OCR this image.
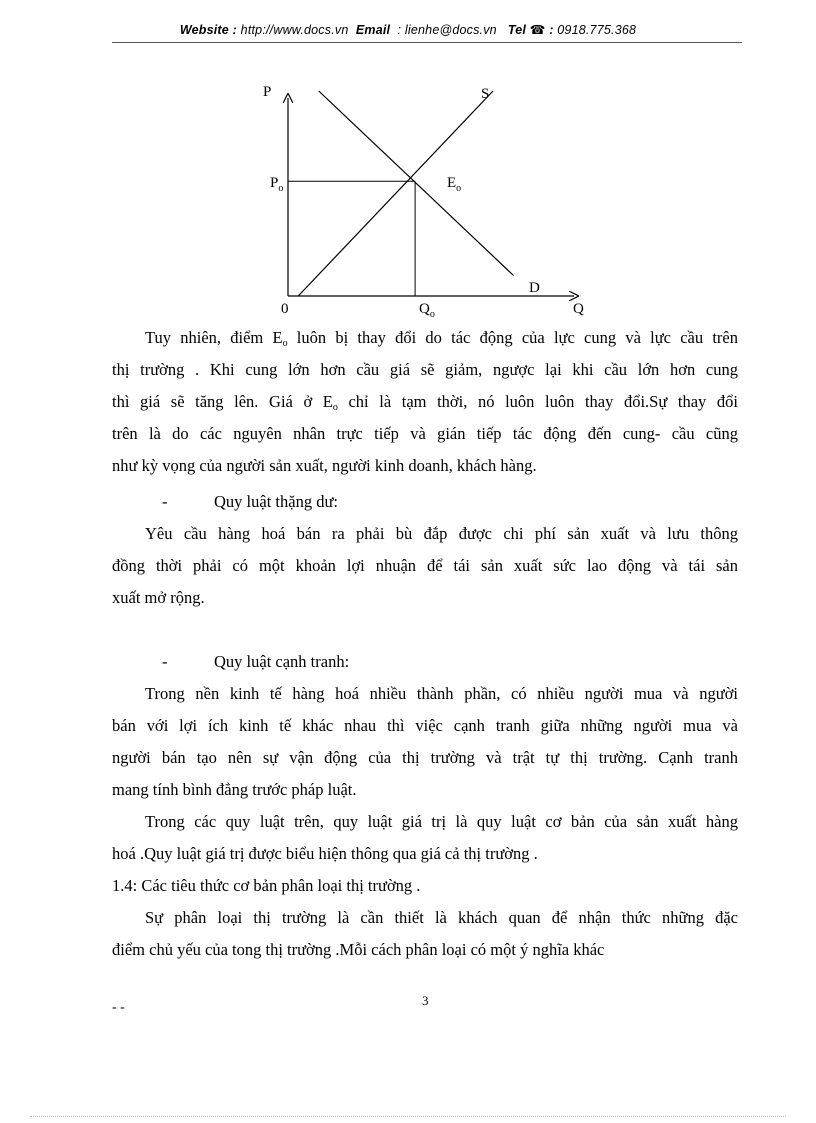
Website : http://www.docs.vn Email  : lienhe@docs.vn Tel ☎ : 0918.775.368
P
Q
0
S
D
$E_o$
$P_o$
$Q_o$
Tuy nhiên, điểm $E_o$ luôn bị thay đổi do tác động của lực cung và lực cầu trên
thị trường . Khi cung lớn hơn cầu giá sẽ giảm, ngược lại khi cầu lớn hơn cung
thì giá sẽ tăng lên. Giá ở $E_o$ chỉ là tạm thời, nó luôn luôn thay đổi.Sự thay đổi
trên là do các nguyên nhân trực tiếp và gián tiếp tác động đến cung- cầu cũng
như kỳ vọng của người sản xuất, người kinh doanh, khách hàng.
-	Quy luật thặng dư:
Yêu cầu hàng hoá bán ra phải bù đắp được chi phí sản xuất và lưu thông
đồng thời phải có một khoản lợi nhuận để tái sản xuất sức lao động và tái sản
xuất mở rộng.
-	Quy luật cạnh tranh:
Trong nền kinh tế hàng hoá nhiều thành phần, có nhiều người mua và người
bán với lợi ích kinh tế khác nhau thì việc cạnh tranh giữa những người mua và
người bán tạo nên sự vận động của thị trường và trật tự thị trường. Cạnh tranh
mang tính bình đẳng trước pháp luật.
Trong các quy luật trên, quy luật giá trị là quy luật cơ bản của sản xuất hàng
hoá .Quy luật giá trị được biểu hiện thông qua giá cả thị trường .
1.4: Các tiêu thức cơ bản phân loại thị trường .
Sự phân loại thị trường là cần thiết là khách quan để nhận thức những đặc
điểm chủ yếu của tong thị trường .Mỗi cách phân loại có một ý nghĩa khác
- -	3
